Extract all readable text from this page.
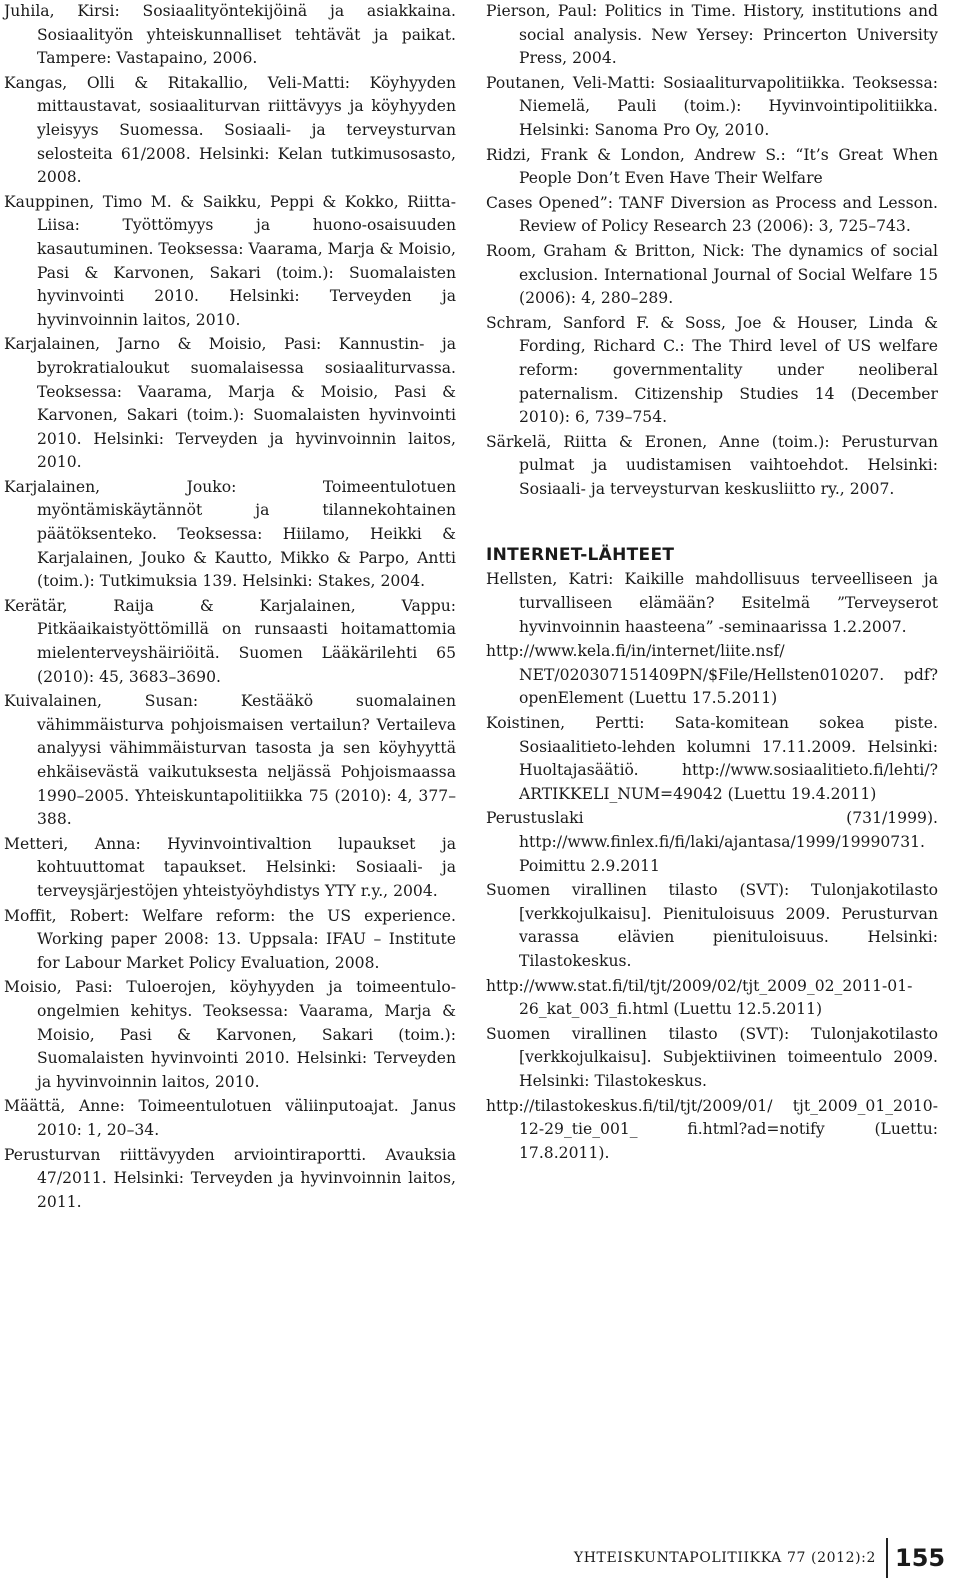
Juhila, Kirsi: Sosiaalityöntekijöinä ja asiakkaina. Sosiaalityön yhteiskunnalliset tehtävät ja paikat. Tampere: Vastapaino, 2006.

Kangas, Olli & Ritakallio, Veli-Matti: Köyhyyden mittaustavat, sosiaaliturvan riittävyys ja köyhyyden yleisyys Suomessa. Sosiaali- ja terveysturvan selosteita 61/2008. Helsinki: Kelan tutkimusosasto, 2008.

Kauppinen, Timo M. & Saikku, Peppi & Kokko, Riitta-Liisa: Työttömyys ja huono-osaisuuden kasautuminen. Teoksessa: Vaarama, Marja & Moisio, Pasi & Karvonen, Sakari (toim.): Suomalaisten hyvinvointi 2010. Helsinki: Terveyden ja hyvinvoinnin laitos, 2010.

Karjalainen, Jarno & Moisio, Pasi: Kannustin- ja byrokratialoukut suomalaisessa sosiaaliturvassa. Teoksessa: Vaarama, Marja & Moisio, Pasi & Karvonen, Sakari (toim.): Suomalaisten hyvinvointi 2010. Helsinki: Terveyden ja hyvinvoinnin laitos, 2010.

Karjalainen, Jouko: Toimeentulotuen myöntämiskäytännöt ja tilannekohtainen päätöksenteko. Teoksessa: Hiilamo, Heikki & Karjalainen, Jouko & Kautto, Mikko & Parpo, Antti (toim.): Tutkimuksia 139. Helsinki: Stakes, 2004.

Kerätär, Raija & Karjalainen, Vappu: Pitkäaikaistyöttömillä on runsaasti hoitamattomia mielenterveyshäiriöitä. Suomen Lääkärilehti 65 (2010): 45, 3683–3690.

Kuivalainen, Susan: Kestääkö suomalainen vähimmäisturva pohjoismaisen vertailun? Vertaileva analyysi vähimmäisturvan tasosta ja sen köyhyyttä ehkäisevästä vaikutuksesta neljässä Pohjoismaassa 1990–2005. Yhteiskuntapolitiikka 75 (2010): 4, 377–388.

Metteri, Anna: Hyvinvointivaltion lupaukset ja kohtuuttomat tapaukset. Helsinki: Sosiaali- ja terveysjärjestöjen yhteistyöyhdistys YTY r.y., 2004.

Moffit, Robert: Welfare reform: the US experience. Working paper 2008: 13. Uppsala: IFAU – Institute for Labour Market Policy Evaluation, 2008.

Moisio, Pasi: Tuloerojen, köyhyyden ja toimeentulo-ongelmien kehitys. Teoksessa: Vaarama, Marja & Moisio, Pasi & Karvonen, Sakari (toim.): Suomalaisten hyvinvointi 2010. Helsinki: Terveyden ja hyvinvoinnin laitos, 2010.

Määttä, Anne: Toimeentulotuen väliinputoajat. Janus 2010: 1, 20–34.

Perusturvan riittävyyden arviointiraportti. Avauksia 47/2011. Helsinki: Terveyden ja hyvinvoinnin laitos, 2011.

Pierson, Paul: Politics in Time. History, institutions and social analysis. New Yersey: Princerton University Press, 2004.

Poutanen, Veli-Matti: Sosiaaliturvapolitiikka. Teoksessa: Niemelä, Pauli (toim.): Hyvinvointipolitiikka. Helsinki: Sanoma Pro Oy, 2010.

Ridzi, Frank & London, Andrew S.: “It’s Great When People Don’t Even Have Their Welfare

Cases Opened”: TANF Diversion as Process and Lesson. Review of Policy Research 23 (2006): 3, 725–743.

Room, Graham & Britton, Nick: The dynamics of social exclusion. International Journal of Social Welfare 15 (2006): 4, 280–289.

Schram, Sanford F. & Soss, Joe & Houser, Linda & Fording, Richard C.: The Third level of US welfare reform: governmentality under neoliberal paternalism. Citizenship Studies 14 (December 2010): 6, 739–754.

Särkelä, Riitta & Eronen, Anne (toim.): Perusturvan pulmat ja uudistamisen vaihtoehdot. Helsinki: Sosiaali- ja terveysturvan keskusliitto ry., 2007.

INTERNET-LÄHTEET

Hellsten, Katri: Kaikille mahdollisuus terveelliseen ja turvalliseen elämään? Esitelmä ”Terveyserot hyvinvoinnin haasteena” -seminaarissa 1.2.2007.

http://www.kela.fi/in/internet/liite.nsf/ NET/020307151409PN/$File/Hellsten010207. pdf?openElement (Luettu 17.5.2011)

Koistinen, Pertti: Sata-komitean sokea piste. Sosiaalitieto-lehden kolumni 17.11.2009. Helsinki: Huoltajasäätiö. http://www.sosiaalitieto.fi/lehti/?ARTIKKELI_NUM=49042 (Luettu 19.4.2011)

Perustuslaki (731/1999). http://www.finlex.fi/fi/laki/ajantasa/1999/19990731. Poimittu 2.9.2011

Suomen virallinen tilasto (SVT): Tulonjakotilasto [verkkojulkaisu]. Pienituloisuus 2009. Perusturvan varassa elävien pienituloisuus. Helsinki: Tilastokeskus.

http://www.stat.fi/til/tjt/2009/02/tjt_2009_02_2011-01-26_kat_003_fi.html (Luettu 12.5.2011)

Suomen virallinen tilasto (SVT): Tulonjakotilasto [verkkojulkaisu]. Subjektiivinen toimeentulo 2009. Helsinki: Tilastokeskus.

http://tilastokeskus.fi/til/tjt/2009/01/ tjt_2009_01_2010-12-29_tie_001_ fi.html?ad=notify (Luettu: 17.8.2011).

YHTEISKUNTAPOLITIIKKA 77 (2012):2 155
